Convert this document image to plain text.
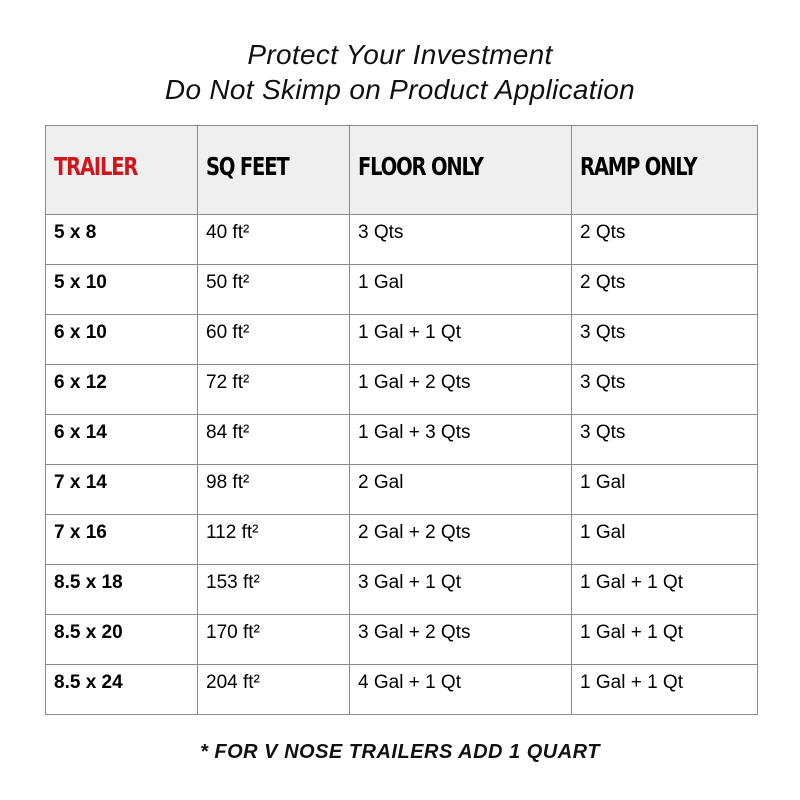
Protect Your Investment
Do Not Skimp on Product Application
TRAILER	SQ FEET	FLOOR ONLY	RAMP ONLY
5 x 8	40 ft²	3 Qts	2 Qts
5 x 10	50 ft²	1 Gal	2 Qts
6 x 10	60 ft²	1 Gal + 1 Qt	3 Qts
6 x 12	72 ft²	1 Gal + 2 Qts	3 Qts
6 x 14	84 ft²	1 Gal + 3 Qts	3 Qts
7 x 14	98 ft²	2 Gal	1 Gal
7 x 16	112 ft²	2 Gal + 2 Qts	1 Gal
8.5 x 18	153 ft²	3 Gal + 1 Qt	1 Gal + 1 Qt
8.5 x 20	170 ft²	3 Gal + 2 Qts	1 Gal + 1 Qt
8.5 x 24	204 ft²	4 Gal + 1 Qt	1 Gal + 1 Qt
* FOR V NOSE TRAILERS ADD 1 QUART
